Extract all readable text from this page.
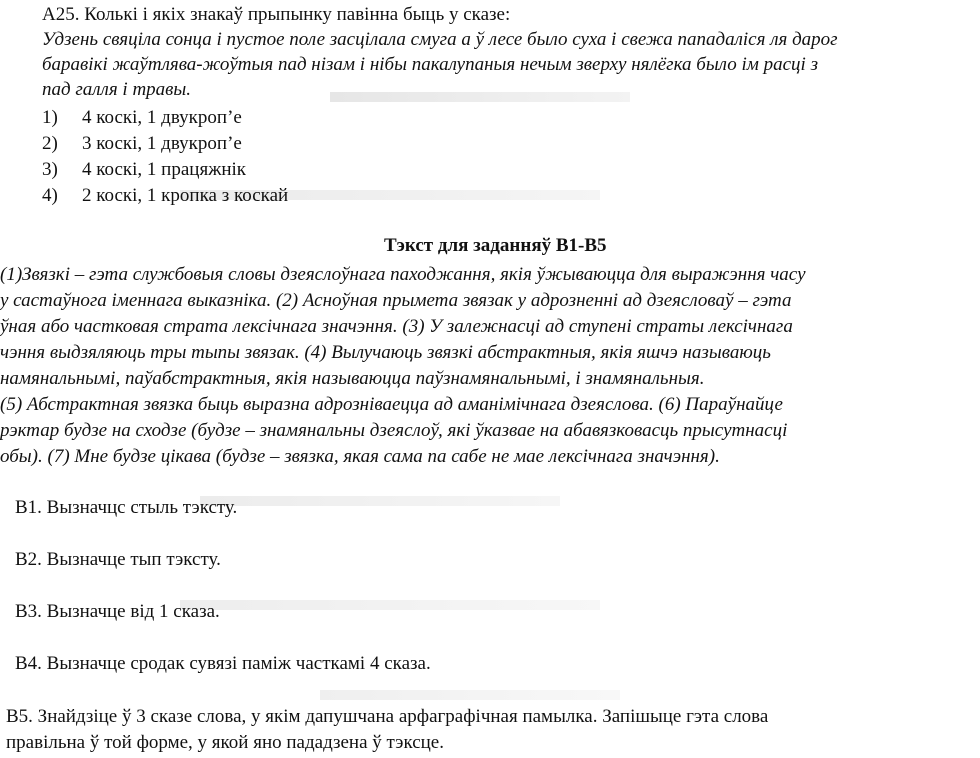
А25. Колькі і якіх знакаў прыпынку павінна быць у сказе:
Удзень свяціла сонца і пустое поле засцілала смуга а ў лесе было суха і свежа пападаліся ля дарог
баравікі жаўтлява-жоўтыя пад нізам і нібы пакалупаныя нечым зверху нялёгка было ім расці з
пад галля і травы.
1) 4 коскі, 1 двукроп’е
2) 3 коскі, 1 двукроп’е
3) 4 коскі, 1 працяжнік
4) 2 коскі, 1 кропка з коскай
Тэкст для заданняў В1-В5
(1)Звязкі – гэта службовыя словы дзеяслоўнага паходжання, якія ўжываюцца для выражэння часу
у састаўнога іменнага выказніка. (2) Асноўная прымета звязак у адрозненні ад дзеясловаў – гэта
ўная або частковая страта лексічнага значэння. (3) У залежнасці ад ступені страты лексічнага
чэння выдзяляюць тры тыпы звязак. (4) Вылучаюць звязкі абстрактныя, якія яшчэ называюць
намянальнымі, паўабстрактныя, якія называюцца паўзнамянальнымі, і знамянальныя.
(5) Абстрактная звязка быць выразна адрозніваецца ад аманімічнага дзеяслова. (6) Параўнайце
рэктар будзе на сходзе (будзе – знамянальны дзеяслоў, які ўказвае на абавязковасць прысутнасці
обы). (7) Мне будзе цікава (будзе – звязка, якая сама па сабе не мае лексічнага значэння).
В1. Вызначцс стыль тэксту.
В2. Вызначце тып тэксту.
В3. Вызначце від 1 сказа.
В4. Вызначце сродак сувязі паміж часткамі 4 сказа.
В5. Знайдзіце ў 3 сказе слова, у якім дапушчана арфаграфічная памылка. Запішыце гэта слова
правільна ў той форме, у якой яно пададзена ў тэксце.
